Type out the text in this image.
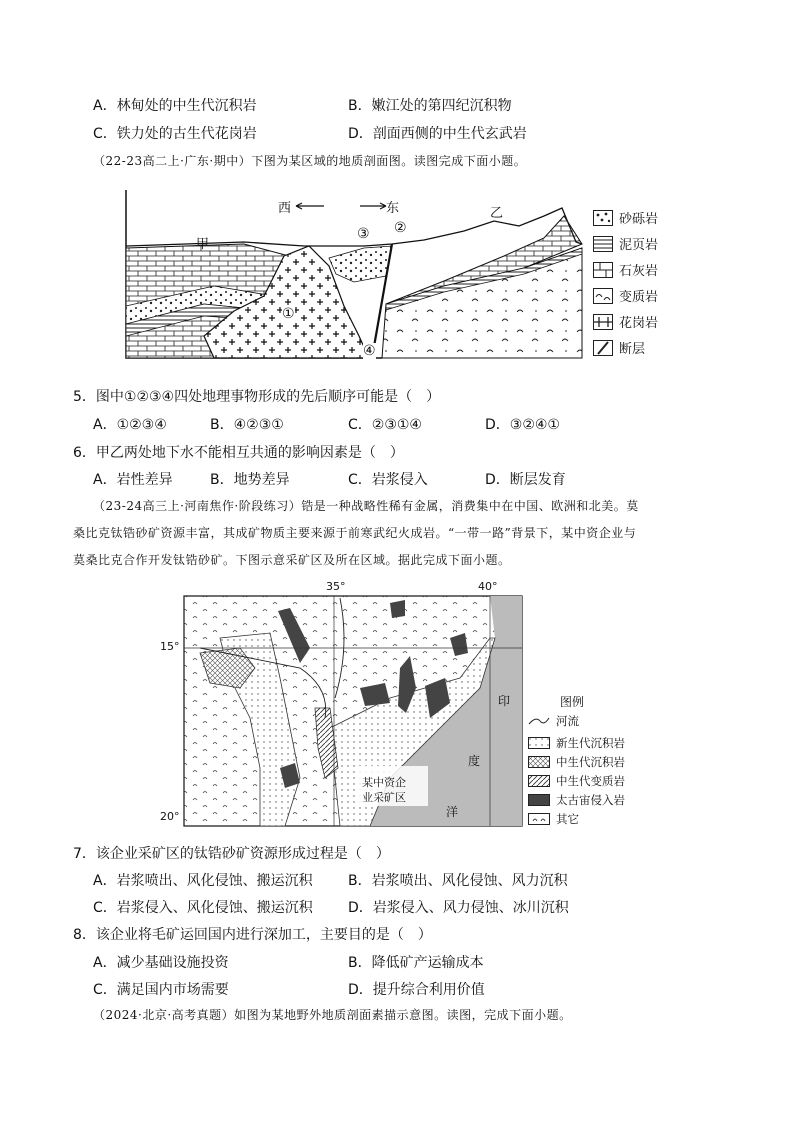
A．林甸处的中生代沉积岩	B．嫩江处的第四纪沉积物
C．铁力处的古生代花岗岩	D．剖面西侧的中生代玄武岩
（22-23高二上·广东·期中）下图为某区域的地质剖面图。读图完成下面小题。
西	东
甲
乙
①
②
③
④
砂砾岩
泥页岩
石灰岩
变质岩
花岗岩
断层
5．图中①②③④四处地理事物形成的先后顺序可能是（　）
A．①②③④	B．④②③①	C．②③①④	D．③②④①
6．甲乙两处地下水不能相互共通的影响因素是（　）
A．岩性差异	B．地势差异	C．岩浆侵入	D．断层发育
（23-24高三上·河南焦作·阶段练习）锆是一种战略性稀有金属，消费集中在中国、欧洲和北美。莫
桑比克钛锆砂矿资源丰富，其成矿物质主要来源于前寒武纪火成岩。“一带一路”背景下，某中资企业与
莫桑比克合作开发钛锆砂矿。下图示意采矿区及所在区域。据此完成下面小题。
35°	40°
15°
20°
印
度
洋
某中资企
业采矿区
图例
河流
新生代沉积岩
中生代沉积岩
中生代变质岩
太古宙侵入岩
其它
7．该企业采矿区的钛锆砂矿资源形成过程是（　）
A．岩浆喷出、风化侵蚀、搬运沉积	B．岩浆喷出、风化侵蚀、风力沉积
C．岩浆侵入、风化侵蚀、搬运沉积	D．岩浆侵入、风力侵蚀、冰川沉积
8．该企业将毛矿运回国内进行深加工，主要目的是（　）
A．减少基础设施投资	B．降低矿产运输成本
C．满足国内市场需要	D．提升综合利用价值
（2024·北京·高考真题）如图为某地野外地质剖面素描示意图。读图，完成下面小题。
